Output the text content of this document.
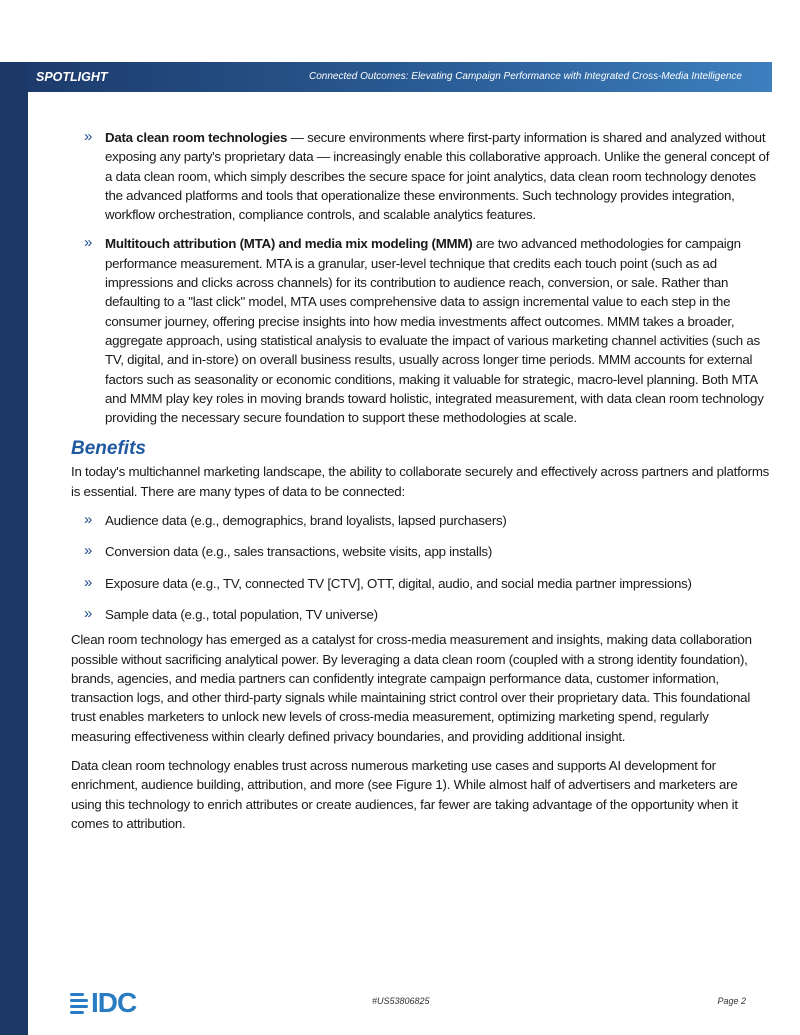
SPOTLIGHT	Connected Outcomes: Elevating Campaign Performance with Integrated Cross-Media Intelligence
» Data clean room technologies — secure environments where first-party information is shared and analyzed without exposing any party's proprietary data — increasingly enable this collaborative approach. Unlike the general concept of a data clean room, which simply describes the secure space for joint analytics, data clean room technology denotes the advanced platforms and tools that operationalize these environments. Such technology provides integration, workflow orchestration, compliance controls, and scalable analytics features.
» Multitouch attribution (MTA) and media mix modeling (MMM) are two advanced methodologies for campaign performance measurement. MTA is a granular, user-level technique that credits each touch point (such as ad impressions and clicks across channels) for its contribution to audience reach, conversion, or sale. Rather than defaulting to a "last click" model, MTA uses comprehensive data to assign incremental value to each step in the consumer journey, offering precise insights into how media investments affect outcomes. MMM takes a broader, aggregate approach, using statistical analysis to evaluate the impact of various marketing channel activities (such as TV, digital, and in-store) on overall business results, usually across longer time periods. MMM accounts for external factors such as seasonality or economic conditions, making it valuable for strategic, macro-level planning. Both MTA and MMM play key roles in moving brands toward holistic, integrated measurement, with data clean room technology providing the necessary secure foundation to support these methodologies at scale.
Benefits

In today's multichannel marketing landscape, the ability to collaborate securely and effectively across partners and platforms is essential. There are many types of data to be connected:

» Audience data (e.g., demographics, brand loyalists, lapsed purchasers)
» Conversion data (e.g., sales transactions, website visits, app installs)
» Exposure data (e.g., TV, connected TV [CTV], OTT, digital, audio, and social media partner impressions)
» Sample data (e.g., total population, TV universe)

Clean room technology has emerged as a catalyst for cross-media measurement and insights, making data collaboration possible without sacrificing analytical power. By leveraging a data clean room (coupled with a strong identity foundation), brands, agencies, and media partners can confidently integrate campaign performance data, customer information, transaction logs, and other third-party signals while maintaining strict control over their proprietary data. This foundational trust enables marketers to unlock new levels of cross-media measurement, optimizing marketing spend, regularly measuring effectiveness within clearly defined privacy boundaries, and providing additional insight.

Data clean room technology enables trust across numerous marketing use cases and supports AI development for enrichment, audience building, attribution, and more (see Figure 1). While almost half of advertisers and marketers are using this technology to enrich attributes or create audiences, far fewer are taking advantage of the opportunity when it comes to attribution.

IDC	#US53806825	Page 2
